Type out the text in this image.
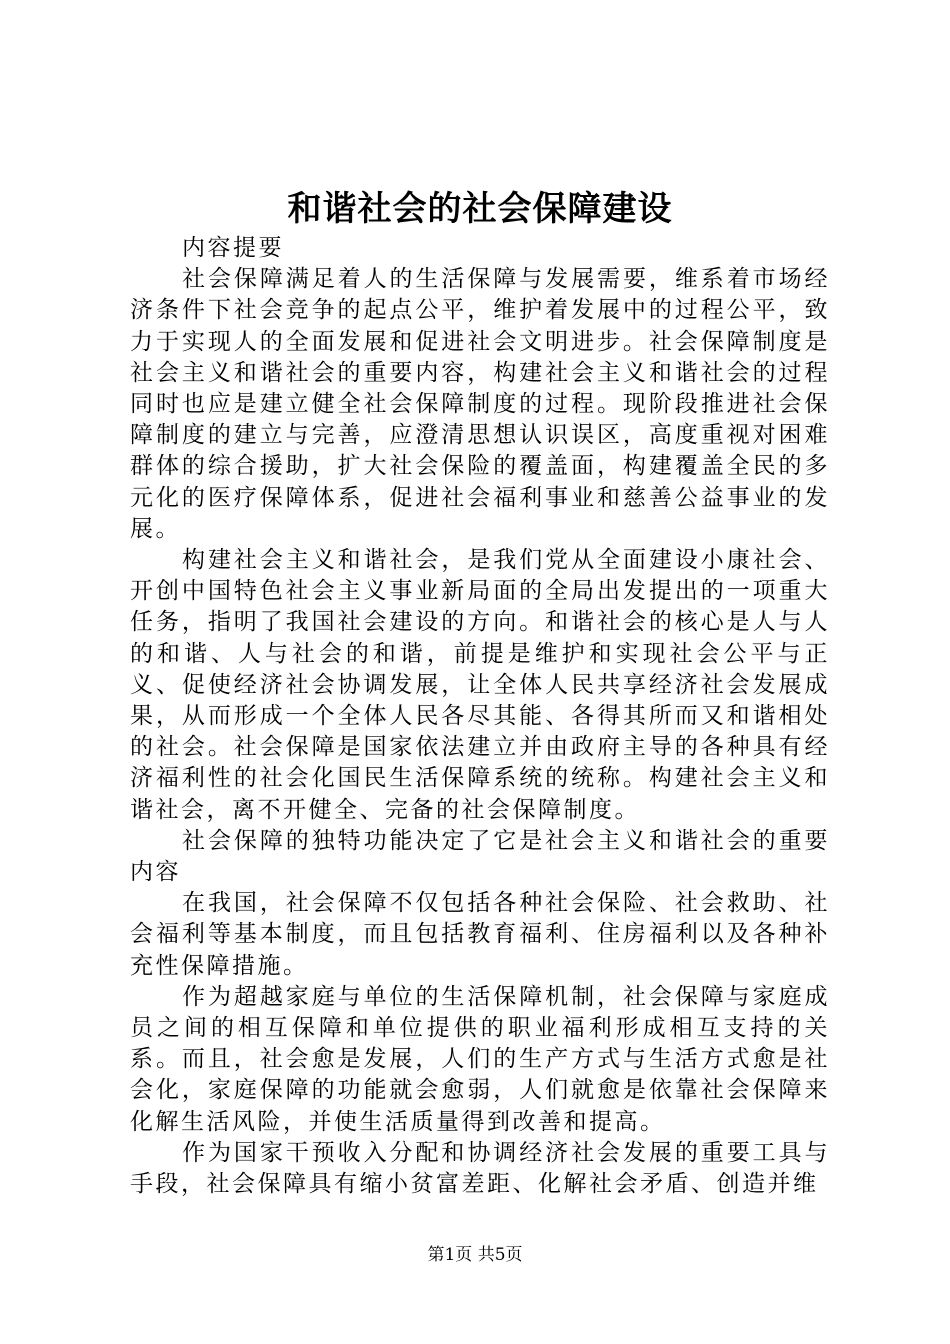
和谐社会的社会保障建设

内容提要

社会保障满足着人的生活保障与发展需要，维系着市场经济条件下社会竞争的起点公平，维护着发展中的过程公平，致力于实现人的全面发展和促进社会文明进步。社会保障制度是社会主义和谐社会的重要内容，构建社会主义和谐社会的过程同时也应是建立健全社会保障制度的过程。现阶段推进社会保障制度的建立与完善，应澄清思想认识误区，高度重视对困难群体的综合援助，扩大社会保险的覆盖面，构建覆盖全民的多元化的医疗保障体系，促进社会福利事业和慈善公益事业的发展。

构建社会主义和谐社会，是我们党从全面建设小康社会、开创中国特色社会主义事业新局面的全局出发提出的一项重大任务，指明了我国社会建设的方向。和谐社会的核心是人与人的和谐、人与社会的和谐，前提是维护和实现社会公平与正义、促使经济社会协调发展，让全体人民共享经济社会发展成果，从而形成一个全体人民各尽其能、各得其所而又和谐相处的社会。社会保障是国家依法建立并由政府主导的各种具有经济福利性的社会化国民生活保障系统的统称。构建社会主义和谐社会，离不开健全、完备的社会保障制度。

社会保障的独特功能决定了它是社会主义和谐社会的重要内容

在我国，社会保障不仅包括各种社会保险、社会救助、社会福利等基本制度，而且包括教育福利、住房福利以及各种补充性保障措施。

作为超越家庭与单位的生活保障机制，社会保障与家庭成员之间的相互保障和单位提供的职业福利形成相互支持的关系。而且，社会愈是发展，人们的生产方式与生活方式愈是社会化，家庭保障的功能就会愈弱，人们就愈是依靠社会保障来化解生活风险，并使生活质量得到改善和提高。

作为国家干预收入分配和协调经济社会发展的重要工具与手段，社会保障具有缩小贫富差距、化解社会矛盾、创造并维

第1页 共5页
